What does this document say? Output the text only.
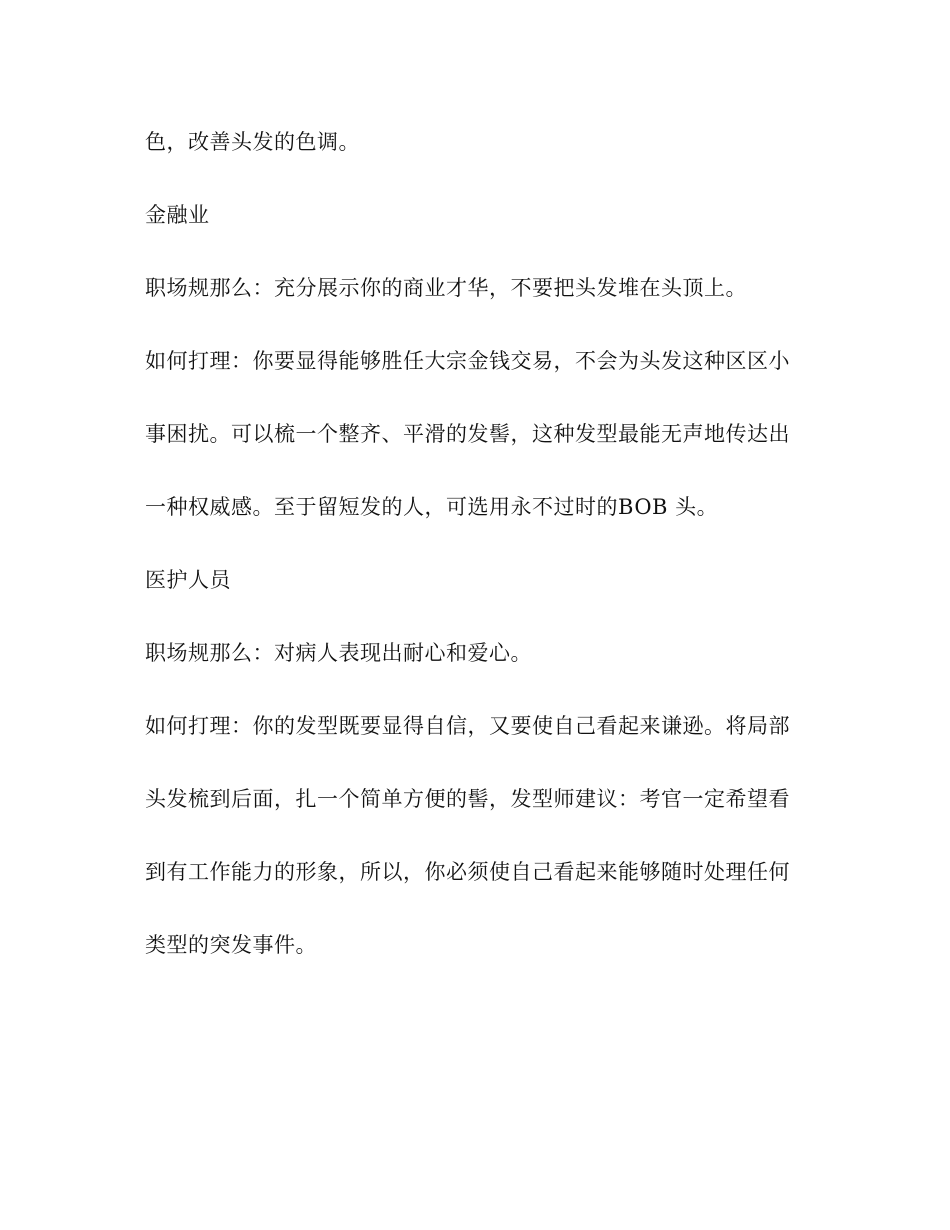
色，改善头发的色调。
金融业
职场规那么：充分展示你的商业才华，不要把头发堆在头顶上。
如何打理：你要显得能够胜任大宗金钱交易，不会为头发这种区区小
事困扰。可以梳一个整齐、平滑的发髻，这种发型最能无声地传达出
一种权威感。至于留短发的人，可选用永不过时的BOB 头。
医护人员
职场规那么：对病人表现出耐心和爱心。
如何打理：你的发型既要显得自信，又要使自己看起来谦逊。将局部
头发梳到后面，扎一个简单方便的髻，发型师建议：考官一定希望看
到有工作能力的形象，所以，你必须使自己看起来能够随时处理任何
类型的突发事件。
